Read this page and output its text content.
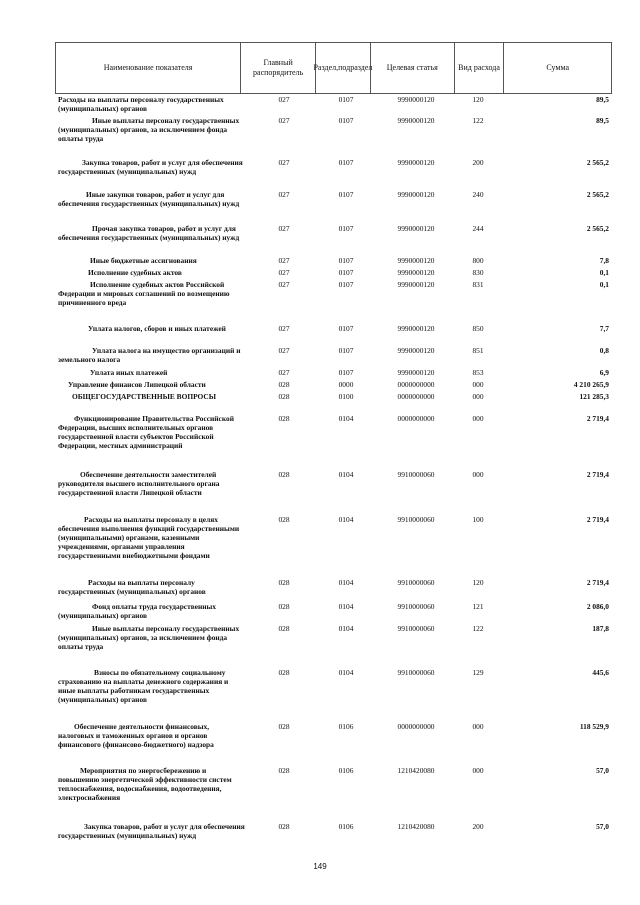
Наименование показателя
Главный распорядитель
Раздел,подраздел	Целевая статья	Вид расхода	Сумма
Расходы на выплаты персоналу государственных (муниципальных) органов
027	0107	9990000120	120	89,5
Иные выплаты персоналу государственных (муниципальных) органов, за исключением фонда оплаты труда
027	0107	9990000120	122	89,5
Закупка товаров, работ и услуг для обеспечения государственных (муниципальных) нужд
027	0107	9990000120	200	2 565,2
Иные закупки товаров, работ и услуг для обеспечения государственных (муниципальных) нужд
027	0107	9990000120	240	2 565,2
Прочая закупка товаров, работ и услуг для обеспечения государственных (муниципальных) нужд
027	0107	9990000120	244	2 565,2
Иные бюджетные ассигнования	027	0107	9990000120	800	7,8
Исполнение судебных актов	027	0107	9990000120	830	0,1
Исполнение судебных актов Российской Федерации и мировых соглашений по возмещению причиненного вреда
027	0107	9990000120	831	0,1
Уплата налогов, сборов и иных платежей	027	0107	9990000120	850	7,7
Уплата налога на имущество организаций и земельного налога
027	0107	9990000120	851	0,8
Уплата иных платежей	027	0107	9990000120	853	6,9
Управление финансов Липецкой области	028	0000	0000000000	000	4 210 265,9
ОБЩЕГОСУДАРСТВЕННЫЕ ВОПРОСЫ	028	0100	0000000000	000	121 285,3
Функционирование Правительства Российской Федерации, высших исполнительных органов государственной власти субъектов Российской Федерации, местных администраций
028	0104	0000000000	000	2 719,4
Обеспечение деятельности заместителей руководителя высшего исполнительного органа государственной власти Липецкой области
028	0104	9910000060	000	2 719,4
Расходы на выплаты персоналу в целях обеспечения выполнения функций государственными (муниципальными) органами, казенными учреждениями, органами управления государственными внебюджетными фондами
028	0104	9910000060	100	2 719,4
Расходы на выплаты персоналу государственных (муниципальных) органов
028	0104	9910000060	120	2 719,4
Фонд оплаты труда государственных (муниципальных) органов
028	0104	9910000060	121	2 086,0
Иные выплаты персоналу государственных (муниципальных) органов, за исключением фонда оплаты труда
028	0104	9910000060	122	187,8
Взносы по обязательному социальному страхованию на выплаты денежного содержания и иные выплаты работникам государственных (муниципальных) органов
028	0104	9910000060	129	445,6
Обеспечение деятельности финансовых, налоговых и таможенных органов и органов финансового (финансово-бюджетного) надзора
028	0106	0000000000	000	118 529,9
Мероприятия по энергосбережению и повышению энергетической эффективности систем теплоснабжения, водоснабжения, водоотведения, электроснабжения
028	0106	1210420080	000	57,0
Закупка товаров, работ и услуг для обеспечения государственных (муниципальных) нужд
028	0106	1210420080	200	57,0
149
